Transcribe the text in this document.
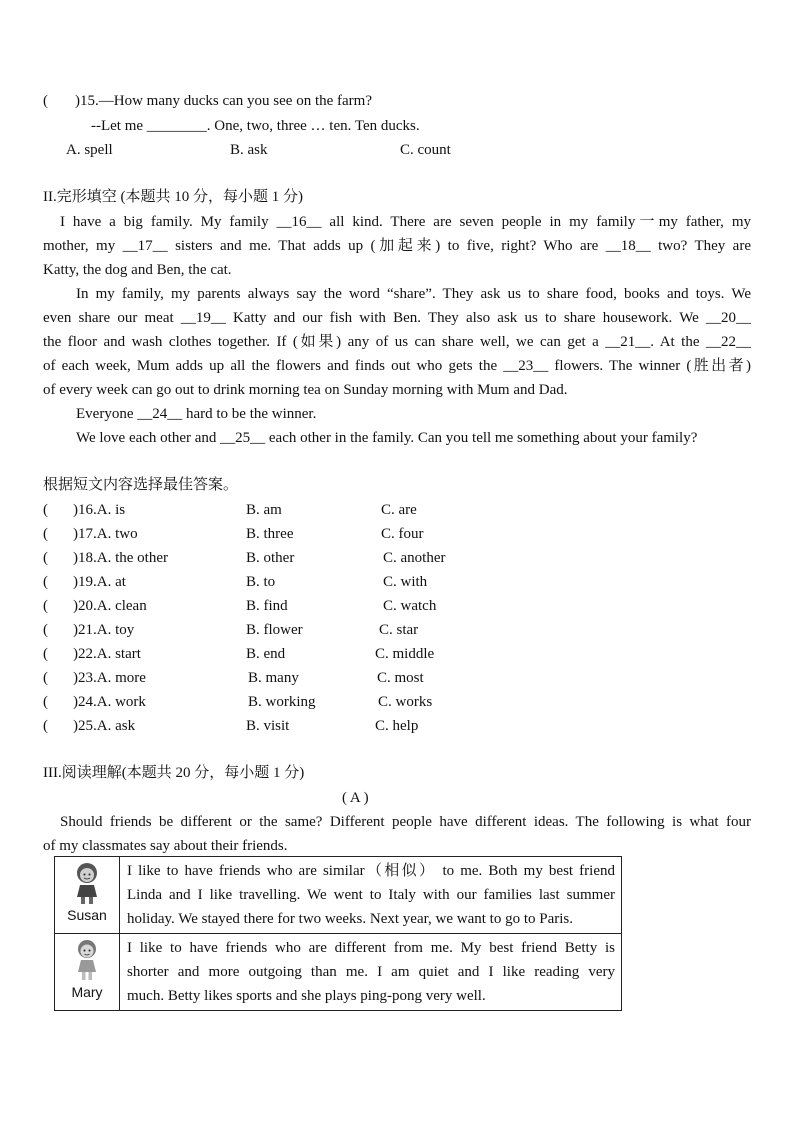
( )15.—How many ducks can you see on the farm?
--Let me ________. One, two, three … ten. Ten ducks.
A. spell	B. ask	C. count
II.完形填空 (本题共 10 分，每小题 1 分)
I have a big family. My family __16__ all kind. There are seven people in my family一my father, my
mother, my __17__ sisters and me. That adds up (加起来) to five, right? Who are __18__ two? They are
Katty, the dog and Ben, the cat.
In my family, my parents always say the word “share”. They ask us to share food, books and toys. We
even share our meat __19__ Katty and our fish with Ben. They also ask us to share housework. We __20__
the floor and wash clothes together. If (如果) any of us can share well, we can get a __21__. At the __22__
of each week, Mum adds up all the flowers and finds out who gets the __23__ flowers. The winner (胜出者)
of every week can go out to drink morning tea on Sunday morning with Mum and Dad.
Everyone __24__ hard to be the winner.
We love each other and __25__ each other in the family. Can you tell me something about your family?
根据短文内容选择最佳答案。
( )16.A. is	B. am	C. are
( )17.A. two	B. three	C. four
( )18.A. the other	B. other	C. another
( )19.A. at	B. to	C. with
( )20.A. clean	B. find	C. watch
( )21.A. toy	B. flower	C. star
( )22.A. start	B. end	C. middle
( )23.A. more	B. many	C. most
( )24.A. work	B. working	C. works
( )25.A. ask	B. visit	C. help
III.阅读理解(本题共 20 分，每小题 1 分)
( A )
Should friends be different or the same? Different people have different ideas. The following is what four
of my classmates say about their friends.
Susan	I like to have friends who are similar（相似） to me. Both my best friend
Linda and I like travelling. We went to Italy with our families last summer
holiday. We stayed there for two weeks. Next year, we want to go to Paris.

Mary	I like to have friends who are different from me. My best friend Betty is
shorter and more outgoing than me. I am quiet and I like reading very
much. Betty likes sports and she plays ping-pong very well.
